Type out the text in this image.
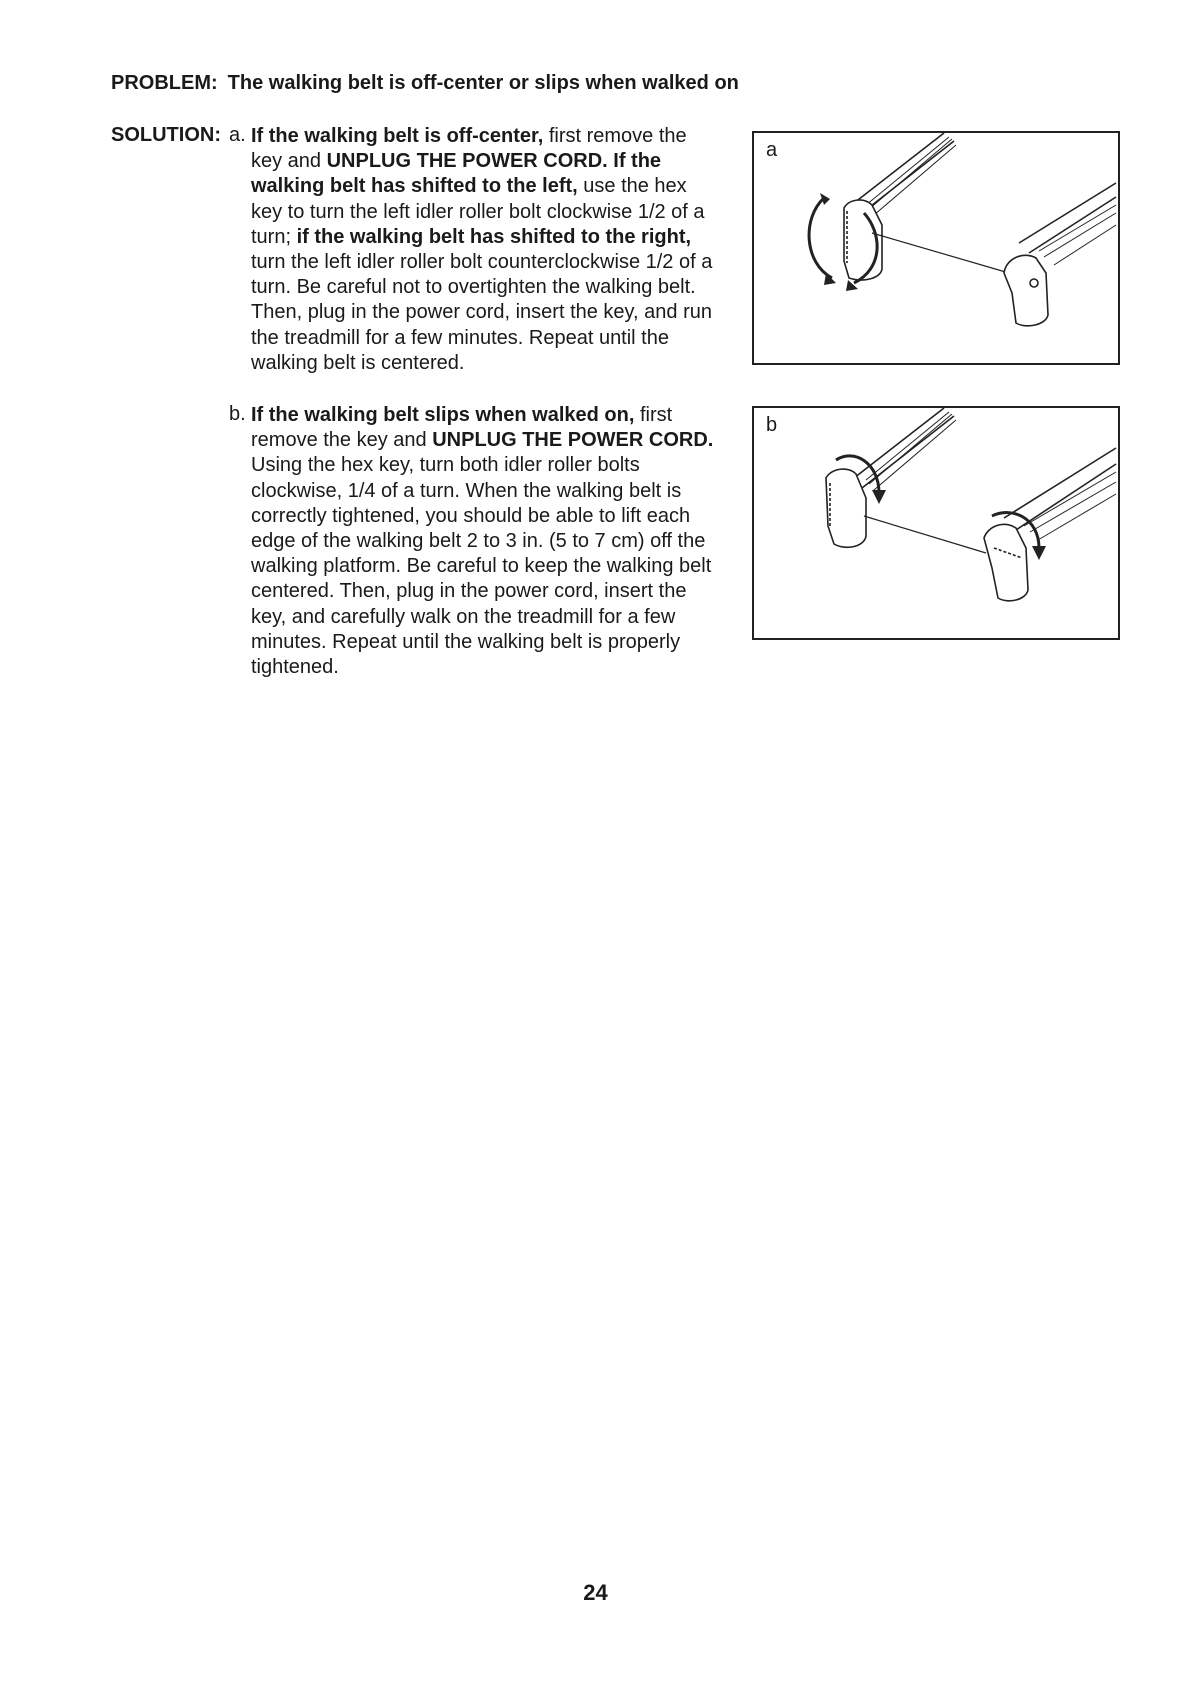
PROBLEM: The walking belt is off-center or slips when walked on
SOLUTION: a. If the walking belt is off-center, first remove the key and UNPLUG THE POWER CORD. If the walking belt has shifted to the left, use the hex key to turn the left idler roller bolt clockwise 1/2 of a turn; if the walking belt has shifted to the right, turn the left idler roller bolt counterclockwise 1/2 of a turn. Be careful not to overtighten the walking belt. Then, plug in the power cord, insert the key, and run the treadmill for a few minutes. Repeat until the walking belt is centered.
b. If the walking belt slips when walked on, first remove the key and UNPLUG THE POWER CORD. Using the hex key, turn both idler roller bolts clockwise, 1/4 of a turn. When the walking belt is correctly tightened, you should be able to lift each edge of the walking belt 2 to 3 in. (5 to 7 cm) off the walking platform. Be careful to keep the walking belt centered. Then, plug in the power cord, insert the key, and carefully walk on the treadmill for a few minutes. Repeat until the walking belt is properly tightened.
a
b
24
